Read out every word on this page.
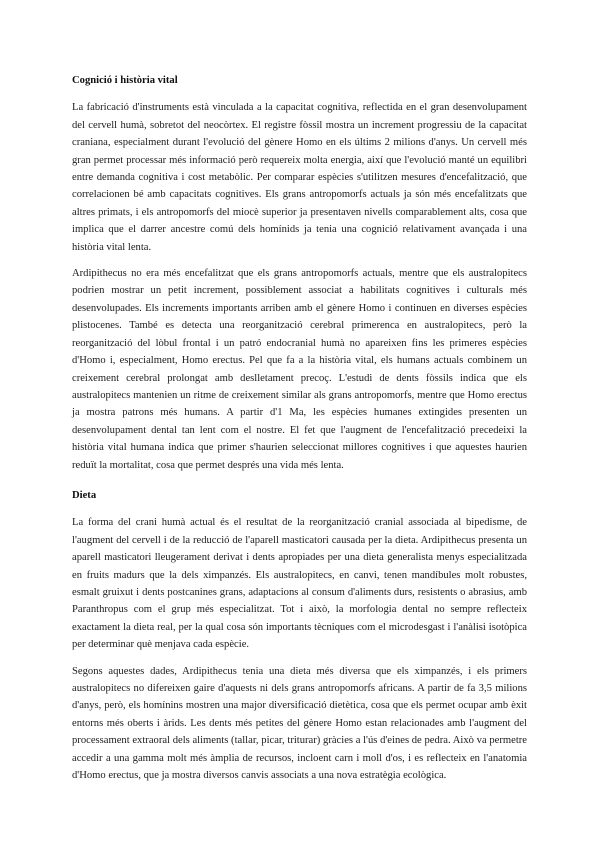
Cognició i història vital

La fabricació d'instruments està vinculada a la capacitat cognitiva, reflectida en el gran desenvolupament del cervell humà, sobretot del neocòrtex. El registre fòssil mostra un increment progressiu de la capacitat craniana, especialment durant l'evolució del gènere Homo en els últims 2 milions d'anys. Un cervell més gran permet processar més informació però requereix molta energia, així que l'evolució manté un equilibri entre demanda cognitiva i cost metabòlic. Per comparar espècies s'utilitzen mesures d'encefalització, que correlacionen bé amb capacitats cognitives. Els grans antropomorfs actuals ja són més encefalitzats que altres primats, i els antropomorfs del miocè superior ja presentaven nivells comparablement alts, cosa que implica que el darrer ancestre comú dels homínids ja tenia una cognició relativament avançada i una història vital lenta.

Ardipithecus no era més encefalitzat que els grans antropomorfs actuals, mentre que els australopitecs podrien mostrar un petit increment, possiblement associat a habilitats cognitives i culturals més desenvolupades. Els increments importants arriben amb el gènere Homo i continuen en diverses espècies plistocenes. També es detecta una reorganització cerebral primerenca en australopitecs, però la reorganització del lòbul frontal i un patró endocranial humà no apareixen fins les primeres espècies d'Homo i, especialment, Homo erectus. Pel que fa a la història vital, els humans actuals combinem un creixement cerebral prolongat amb deslletament precoç. L'estudi de dents fòssils indica que els australopitecs mantenien un ritme de creixement similar als grans antropomorfs, mentre que Homo erectus ja mostra patrons més humans. A partir d'1 Ma, les espècies humanes extingides presenten un desenvolupament dental tan lent com el nostre. El fet que l'augment de l'encefalització precedeixi la història vital humana indica que primer s'haurien seleccionat millores cognitives i que aquestes haurien reduït la mortalitat, cosa que permet després una vida més lenta.

Dieta

La forma del crani humà actual és el resultat de la reorganització cranial associada al bipedisme, de l'augment del cervell i de la reducció de l'aparell masticatori causada per la dieta. Ardipithecus presenta un aparell masticatori lleugerament derivat i dents apropiades per una dieta generalista menys especialitzada en fruits madurs que la dels ximpanzés. Els australopitecs, en canvi, tenen mandíbules molt robustes, esmalt gruixut i dents postcanines grans, adaptacions al consum d'aliments durs, resistents o abrasius, amb Paranthropus com el grup més especialitzat. Tot i això, la morfologia dental no sempre reflecteix exactament la dieta real, per la qual cosa són importants tècniques com el microdesgast i l'anàlisi isotòpica per determinar què menjava cada espècie.

Segons aquestes dades, Ardipithecus tenia una dieta més diversa que els ximpanzés, i els primers australopitecs no diferеixen gaire d'aquests ni dels grans antropomorfs africans. A partir de fa 3,5 milions d'anys, però, els homínins mostren una major diversificació dietètica, cosa que els permet ocupar amb èxit entorns més oberts i àrids. Les dents més petites del gènere Homo estan relacionades amb l'augment del processament extraoral dels aliments (tallar, picar, triturar) gràcies a l'ús d'eines de pedra. Això va permetre accedir a una gamma molt més àmplia de recursos, incloent carn i moll d'os, i es reflecteix en l'anatomia d'Homo erectus, que ja mostra diversos canvis associats a una nova estratègia ecològica.
